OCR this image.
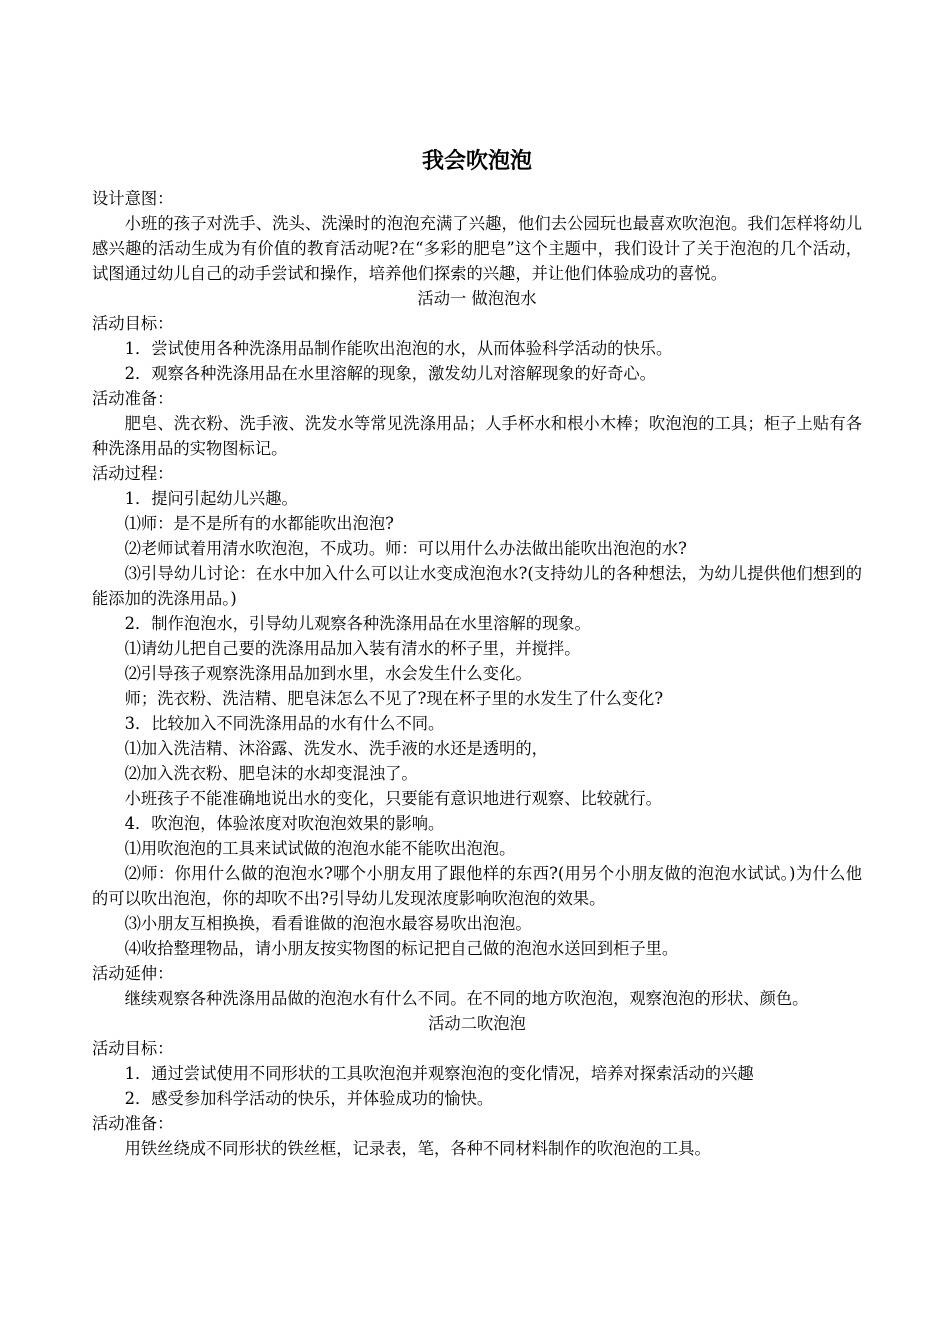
我会吹泡泡

设计意图：

小班的孩子对洗手、洗头、洗澡时的泡泡充满了兴趣，他们去公园玩也最喜欢吹泡泡。我们怎样将幼儿感兴趣的活动生成为有价值的教育活动呢?在“多彩的肥皂”这个主题中，我们设计了关于泡泡的几个活动，试图通过幼儿自己的动手尝试和操作，培养他们探索的兴趣，并让他们体验成功的喜悦。

活动一 做泡泡水

活动目标：

1．尝试使用各种洗涤用品制作能吹出泡泡的水，从而体验科学活动的快乐。

2．观察各种洗涤用品在水里溶解的现象，激发幼儿对溶解现象的好奇心。

活动准备：

肥皂、洗衣粉、洗手液、洗发水等常见洗涤用品；人手杯水和根小木棒；吹泡泡的工具；柜子上贴有各种洗涤用品的实物图标记。

活动过程：

1．提问引起幼儿兴趣。

⑴师：是不是所有的水都能吹出泡泡?

⑵老师试着用清水吹泡泡，不成功。师：可以用什么办法做出能吹出泡泡的水?

⑶引导幼儿讨论：在水中加入什么可以让水变成泡泡水?(支持幼儿的各种想法，为幼儿提供他们想到的能添加的洗涤用品。)

2．制作泡泡水，引导幼儿观察各种洗涤用品在水里溶解的现象。

⑴请幼儿把自己要的洗涤用品加入装有清水的杯子里，并搅拌。

⑵引导孩子观察洗涤用品加到水里，水会发生什么变化。

师；洗衣粉、洗洁精、肥皂沫怎么不见了?现在杯子里的水发生了什么变化?

3．比较加入不同洗涤用品的水有什么不同。

⑴加入洗洁精、沐浴露、洗发水、洗手液的水还是透明的，

⑵加入洗衣粉、肥皂沫的水却变混浊了。

小班孩子不能准确地说出水的变化，只要能有意识地进行观察、比较就行。

4．吹泡泡，体验浓度对吹泡泡效果的影响。

⑴用吹泡泡的工具来试试做的泡泡水能不能吹出泡泡。

⑵师：你用什么做的泡泡水?哪个小朋友用了跟他样的东西?(用另个小朋友做的泡泡水试试。)为什么他的可以吹出泡泡，你的却吹不出?引导幼儿发现浓度影响吹泡泡的效果。

⑶小朋友互相换换，看看谁做的泡泡水最容易吹出泡泡。

⑷收拾整理物品，请小朋友按实物图的标记把自己做的泡泡水送回到柜子里。

活动延伸：

继续观察各种洗涤用品做的泡泡水有什么不同。在不同的地方吹泡泡，观察泡泡的形状、颜色。

活动二吹泡泡

活动目标：

1．通过尝试使用不同形状的工具吹泡泡并观察泡泡的变化情况，培养对探索活动的兴趣

2．感受参加科学活动的快乐，并体验成功的愉快。

活动准备：

用铁丝绕成不同形状的铁丝框，记录表，笔，各种不同材料制作的吹泡泡的工具。
